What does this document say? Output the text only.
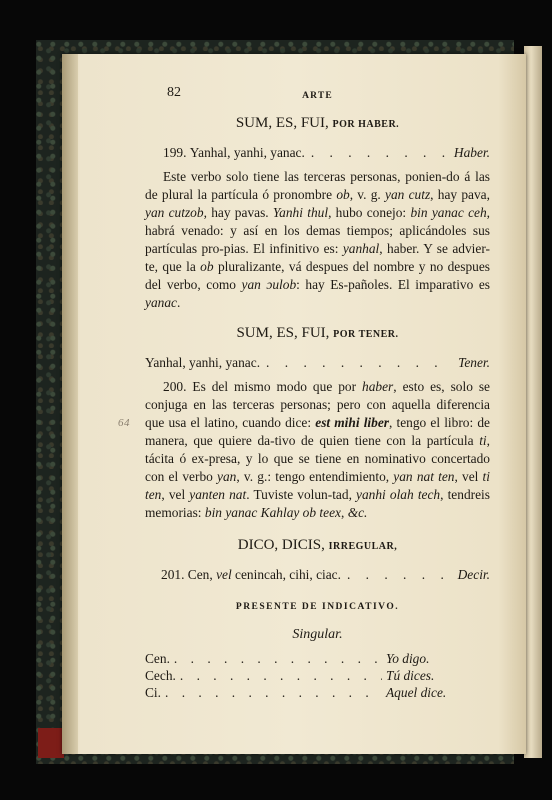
64
82	ARTE
SUM, ES, FUI, POR HABER.
199.
Yanhal, yanhi, yanac. . . .	Haber.

Este verbo solo tiene las terceras personas, ponien-do á las de plural la partícula ó pronombre ob, v. g. yan cutz, hay pava, yan cutzob, hay pavas. Yanhi thul, hubo conejo: bin yanac ceh, habrá venado: y así en los demas tiempos; aplicándoles sus partículas pro-pias. El infinitivo es: yanhal, haber. Y se advier-te, que la ob pluralizante, vá despues del nombre y no despues del verbo, como yan ɔulob: hay Es-pañoles. El imparativo es yanac.

SUM, ES, FUI, POR TENER.
Yanhal, yanhi, yanac. . . .	Tener.

200. Es del mismo modo que por haber, esto es, solo se conjuga en las terceras personas; pero con aquella diferencia que usa el latino, cuando dice: est mihi liber, tengo el libro: de manera, que quiere da-tivo de quien tiene con la partícula ti, tácita ó ex-presa, y lo que se tiene en nominativo concertado con el verbo yan, v. g.: tengo entendimiento, yan nat ten, vel ti ten, vel yanten nat. Tuviste volun-tad, yanhi olah tech, tendreis memorias: bin yanac Kahlay ob teex, &c.

DICO, DICIS, IRREGULAR,
201.
Cen, vel cenincah, cihi, ciac. . . .	Decir.
PRESENTE DE INDICATIVO.
Singular.
Cen. . . .	Yo digo.
Cech. . . .	Tú dices.
Ci. . . .	Aquel dice.
